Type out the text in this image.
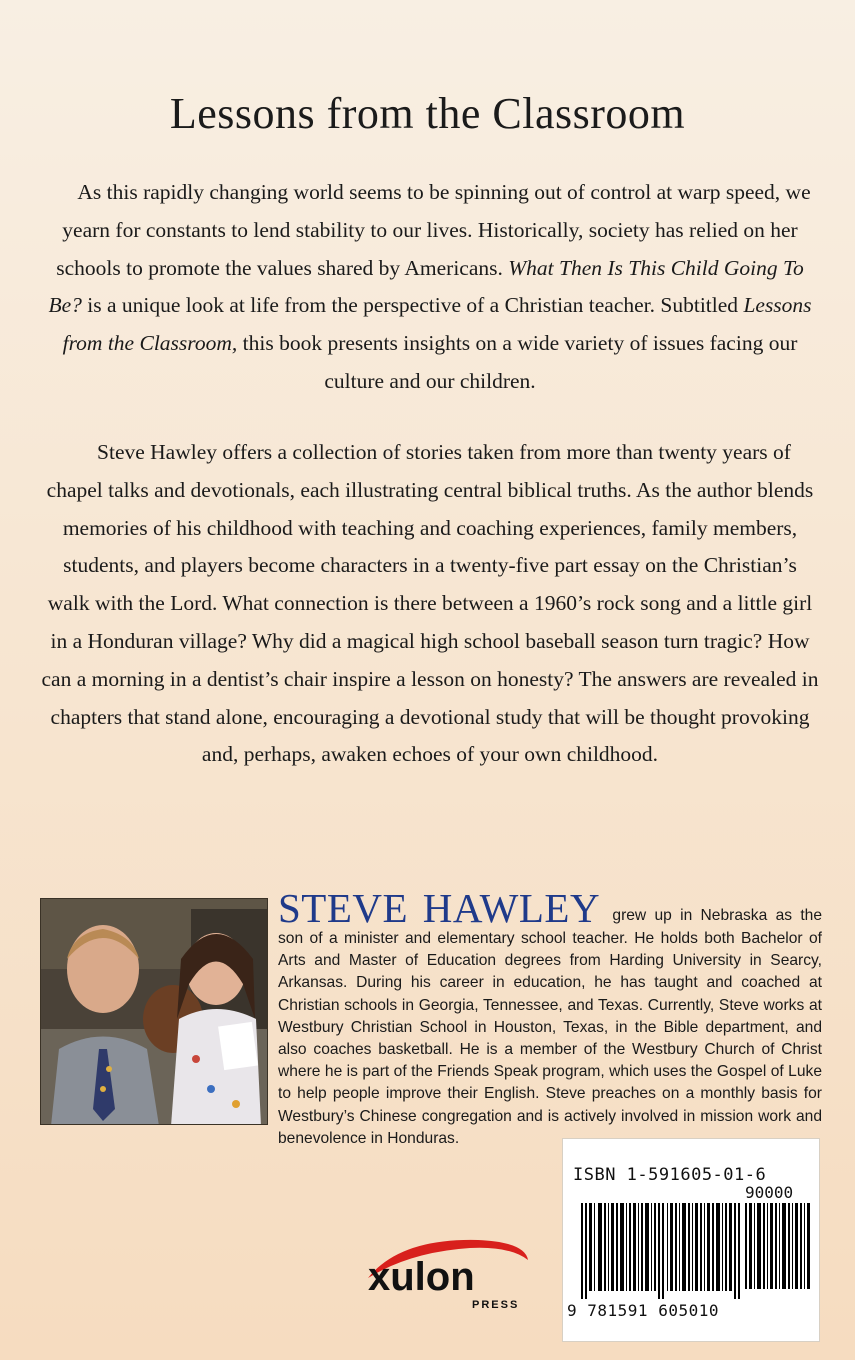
Lessons from the Classroom

As this rapidly changing world seems to be spinning out of control at warp speed, we yearn for constants to lend stability to our lives. Historically, society has relied on her schools to promote the values shared by Americans. What Then Is This Child Going To Be? is a unique look at life from the perspective of a Christian teacher. Subtitled Lessons from the Classroom, this book presents insights on a wide variety of issues facing our culture and our children.

Steve Hawley offers a collection of stories taken from more than twenty years of chapel talks and devotionals, each illustrating central biblical truths. As the author blends memories of his childhood with teaching and coaching experiences, family members, students, and players become characters in a twenty-five part essay on the Christian’s walk with the Lord. What connection is there between a 1960’s rock song and a little girl in a Honduran village? Why did a magical high school baseball season turn tragic? How can a morning in a dentist’s chair inspire a lesson on honesty? The answers are revealed in chapters that stand alone, encouraging a devotional study that will be thought provoking and, perhaps, awaken echoes of your own childhood.

STEVE HAWLEY
grew up in Nebraska as the son of a minister and elementary school teacher. He holds both Bachelor of Arts and Master of Education degrees from Harding University in Searcy, Arkansas. During his career in education, he has taught and coached at Christian schools in Georgia, Tennessee, and Texas. Currently, Steve works at Westbury Christian School in Houston, Texas, in the Bible department, and also coaches basketball. He is a member of the Westbury Church of Christ where he is part of the Friends Speak program, which uses the Gospel of Luke to help people improve their English. Steve preaches on a monthly basis for Westbury’s Chinese congregation and is actively involved in mission work and benevolence in Honduras.
ISBN 1-591605-01-6
90000
9 781591 605010
xulon
PRESS
